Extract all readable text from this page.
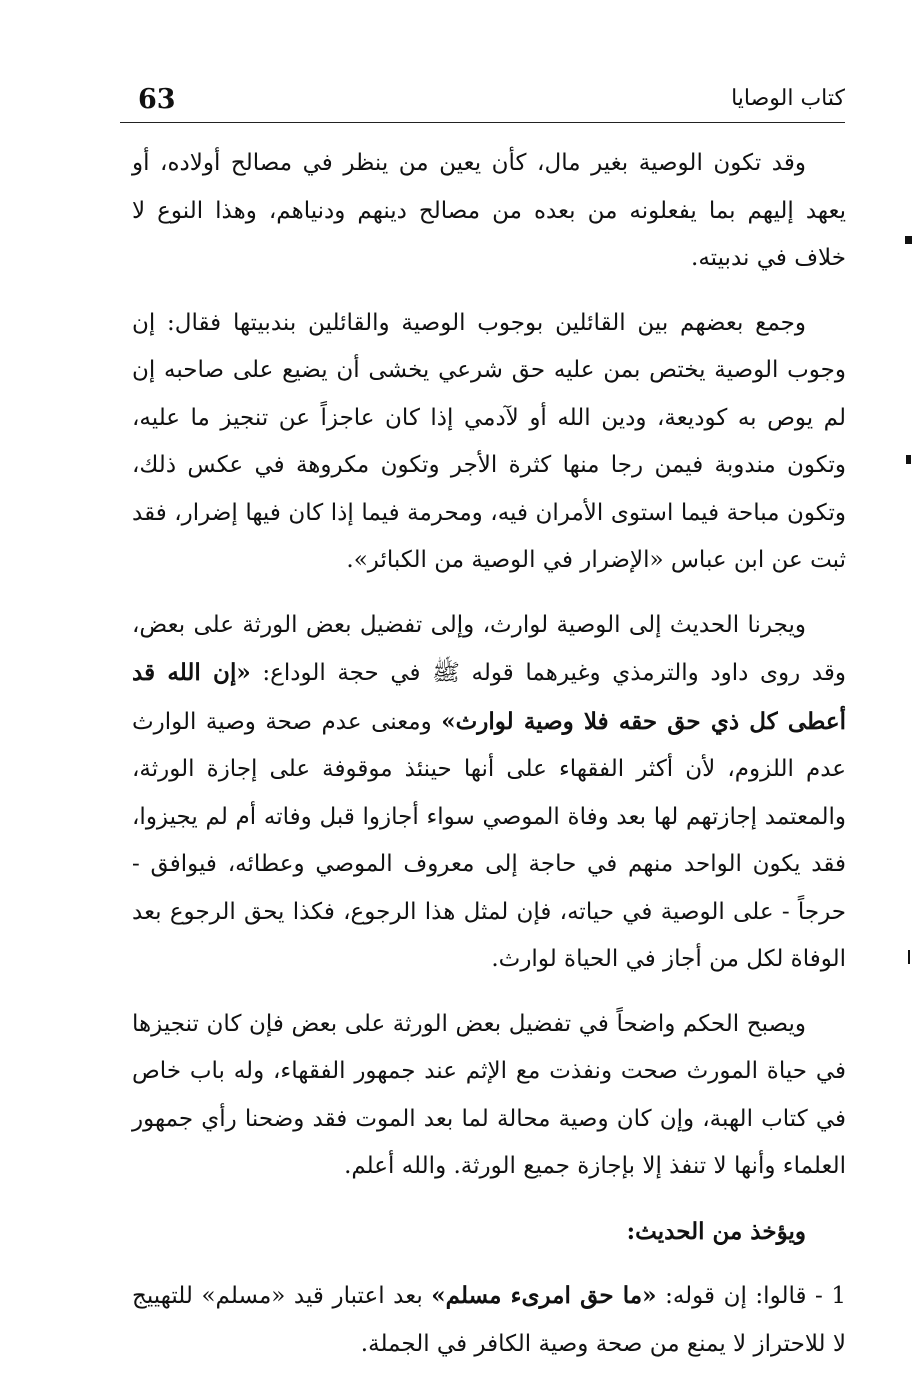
63	كتاب الوصايا

وقد تكون الوصية بغير مال، كأن يعين من ينظر في مصالح أولاده، أو يعهد إليهم بما يفعلونه من بعده من مصالح دينهم ودنياهم، وهذا النوع لا خلاف في ندبيته.

وجمع بعضهم بين القائلين بوجوب الوصية والقائلين بندبيتها فقال: إن وجوب الوصية يختص بمن عليه حق شرعي يخشى أن يضيع على صاحبه إن لم يوص به كوديعة، ودين الله أو لآدمي إذا كان عاجزاً عن تنجيز ما عليه، وتكون مندوبة فيمن رجا منها كثرة الأجر وتكون مكروهة في عكس ذلك، وتكون مباحة فيما استوى الأمران فيه، ومحرمة فيما إذا كان فيها إضرار، فقد ثبت عن ابن عباس «الإضرار في الوصية من الكبائر».

ويجرنا الحديث إلى الوصية لوارث، وإلى تفضيل بعض الورثة على بعض، وقد روى داود والترمذي وغيرهما قوله ﷺ في حجة الوداع: «إن الله قد أعطى كل ذي حق حقه فلا وصية لوارث» ومعنى عدم صحة وصية الوارث عدم اللزوم، لأن أكثر الفقهاء على أنها حينئذ موقوفة على إجازة الورثة، والمعتمد إجازتهم لها بعد وفاة الموصي سواء أجازوا قبل وفاته أم لم يجيزوا، فقد يكون الواحد منهم في حاجة إلى معروف الموصي وعطائه، فيوافق - حرجاً - على الوصية في حياته، فإن لمثل هذا الرجوع، فكذا يحق الرجوع بعد الوفاة لكل من أجاز في الحياة لوارث.

ويصبح الحكم واضحاً في تفضيل بعض الورثة على بعض فإن كان تنجيزها في حياة المورث صحت ونفذت مع الإثم عند جمهور الفقهاء، وله باب خاص في كتاب الهبة، وإن كان وصية محالة لما بعد الموت فقد وضحنا رأي جمهور العلماء وأنها لا تنفذ إلا بإجازة جميع الورثة. والله أعلم.

ويؤخذ من الحديث:

1 - قالوا: إن قوله: «ما حق امرىء مسلم» بعد اعتبار قيد «مسلم» للتهييج لا للاحتراز لا يمنع من صحة وصية الكافر في الجملة.
